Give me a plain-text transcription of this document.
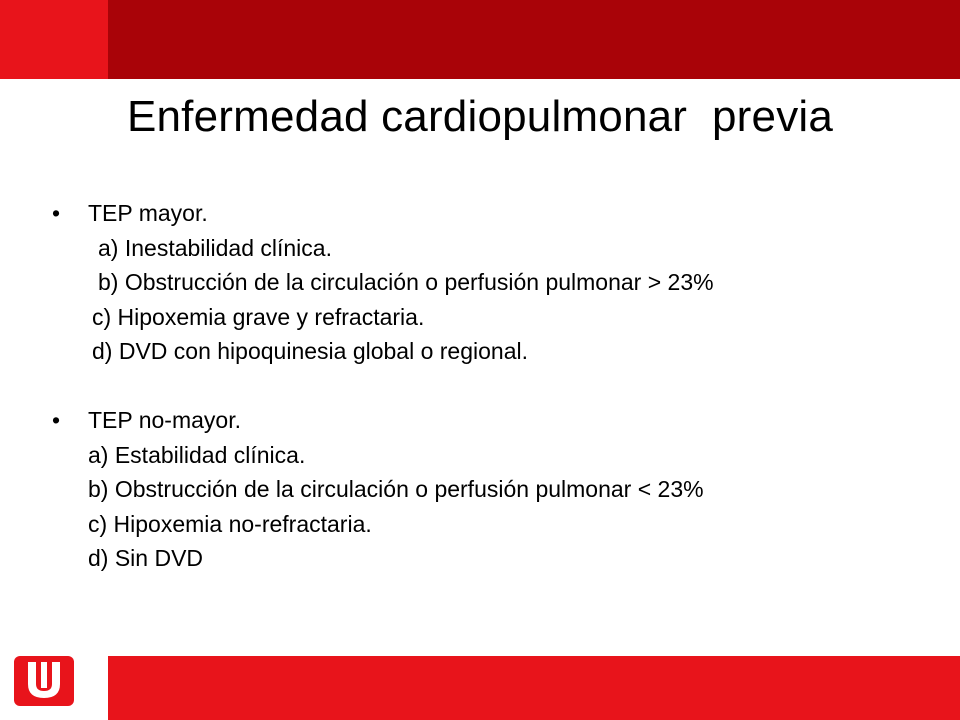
Enfermedad cardiopulmonar  previa

•

TEP mayor.

a) Inestabilidad clínica.
b) Obstrucción de la circulación o perfusión pulmonar > 23%
c) Hipoxemia grave y refractaria.
d) DVD con hipoquinesia global o regional.

•

TEP no-mayor.

a) Estabilidad clínica.
b) Obstrucción de la circulación o perfusión pulmonar < 23%
c) Hipoxemia no-refractaria.
d) Sin DVD
